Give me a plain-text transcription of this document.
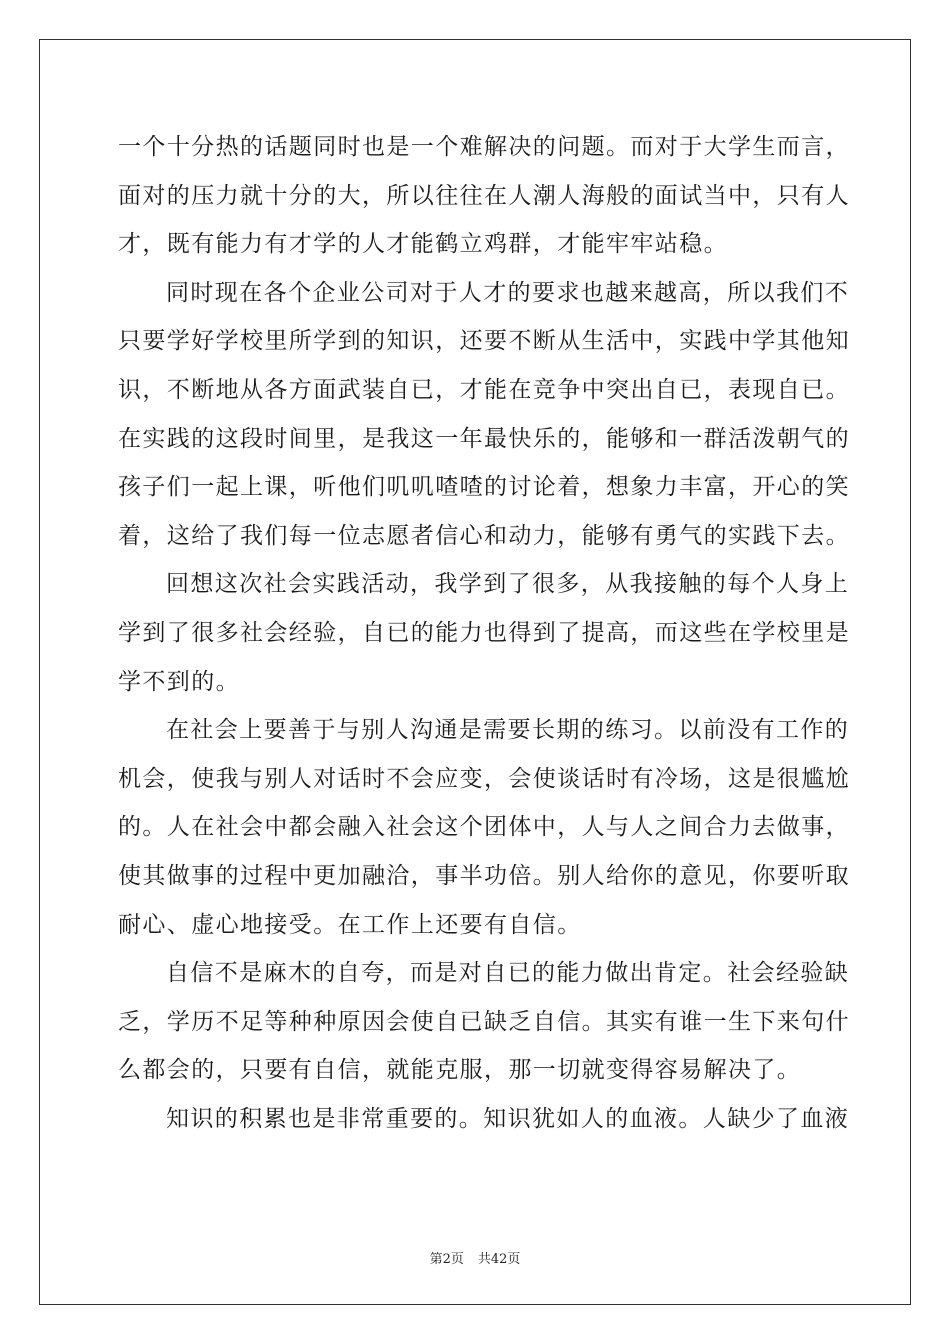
一个十分热的话题同时也是一个难解决的问题。而对于大学生而言，

面对的压力就十分的大，所以往往在人潮人海般的面试当中，只有人

才，既有能力有才学的人才能鹤立鸡群，才能牢牢站稳。

同时现在各个企业公司对于人才的要求也越来越高，所以我们不

只要学好学校里所学到的知识，还要不断从生活中，实践中学其他知

识，不断地从各方面武装自已，才能在竞争中突出自已，表现自已。

在实践的这段时间里，是我这一年最快乐的，能够和一群活泼朝气的

孩子们一起上课，听他们叽叽喳喳的讨论着，想象力丰富，开心的笑

着，这给了我们每一位志愿者信心和动力，能够有勇气的实践下去。

回想这次社会实践活动，我学到了很多，从我接触的每个人身上

学到了很多社会经验，自已的能力也得到了提高，而这些在学校里是

学不到的。

在社会上要善于与别人沟通是需要长期的练习。以前没有工作的

机会，使我与别人对话时不会应变，会使谈话时有冷场，这是很尴尬

的。人在社会中都会融入社会这个团体中，人与人之间合力去做事，

使其做事的过程中更加融洽，事半功倍。别人给你的意见，你要听取

耐心、虚心地接受。在工作上还要有自信。

自信不是麻木的自夸，而是对自已的能力做出肯定。社会经验缺

乏，学历不足等种种原因会使自已缺乏自信。其实有谁一生下来句什

么都会的，只要有自信，就能克服，那一切就变得容易解决了。

知识的积累也是非常重要的。知识犹如人的血液。人缺少了血液

第2页 共42页
